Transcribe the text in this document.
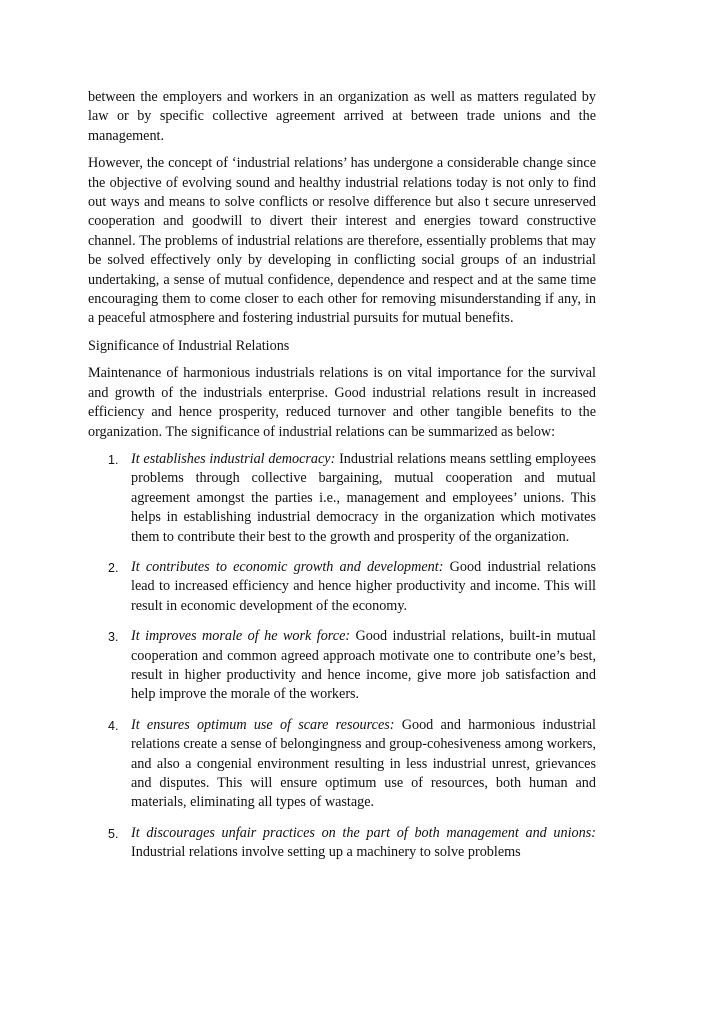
between the employers and workers in an organization as well as matters regulated by law or by specific collective agreement arrived at between trade unions and the management.

However, the concept of ‘industrial relations’ has undergone a considerable change since the objective of evolving sound and healthy industrial relations today is not only to find out ways and means to solve conflicts or resolve difference but also t secure unreserved cooperation and goodwill to divert their interest and energies toward constructive channel. The problems of industrial relations are therefore, essentially problems that may be solved effectively only by developing in conflicting social groups of an industrial undertaking, a sense of mutual confidence, dependence and respect and at the same time encouraging them to come closer to each other for removing misunderstanding if any, in a peaceful atmosphere and fostering industrial pursuits for mutual benefits.

Significance of Industrial Relations

Maintenance of harmonious industrials relations is on vital importance for the survival and growth of the industrials enterprise. Good industrial relations result in increased efficiency and hence prosperity, reduced turnover and other tangible benefits to the organization. The significance of industrial relations can be summarized as below:

1. It establishes industrial democracy: Industrial relations means settling employees problems through collective bargaining, mutual cooperation and mutual agreement amongst the parties i.e., management and employees’ unions. This helps in establishing industrial democracy in the organization which motivates them to contribute their best to the growth and prosperity of the organization.
2. It contributes to economic growth and development: Good industrial relations lead to increased efficiency and hence higher productivity and income. This will result in economic development of the economy.
3. It improves morale of he work force: Good industrial relations, built-in mutual cooperation and common agreed approach motivate one to contribute one’s best, result in higher productivity and hence income, give more job satisfaction and help improve the morale of the workers.
4. It ensures optimum use of scare resources: Good and harmonious industrial relations create a sense of belongingness and group-cohesiveness among workers, and also a congenial environment resulting in less industrial unrest, grievances and disputes. This will ensure optimum use of resources, both human and materials, eliminating all types of wastage.
5. It discourages unfair practices on the part of both management and unions: Industrial relations involve setting up a machinery to solve problems
